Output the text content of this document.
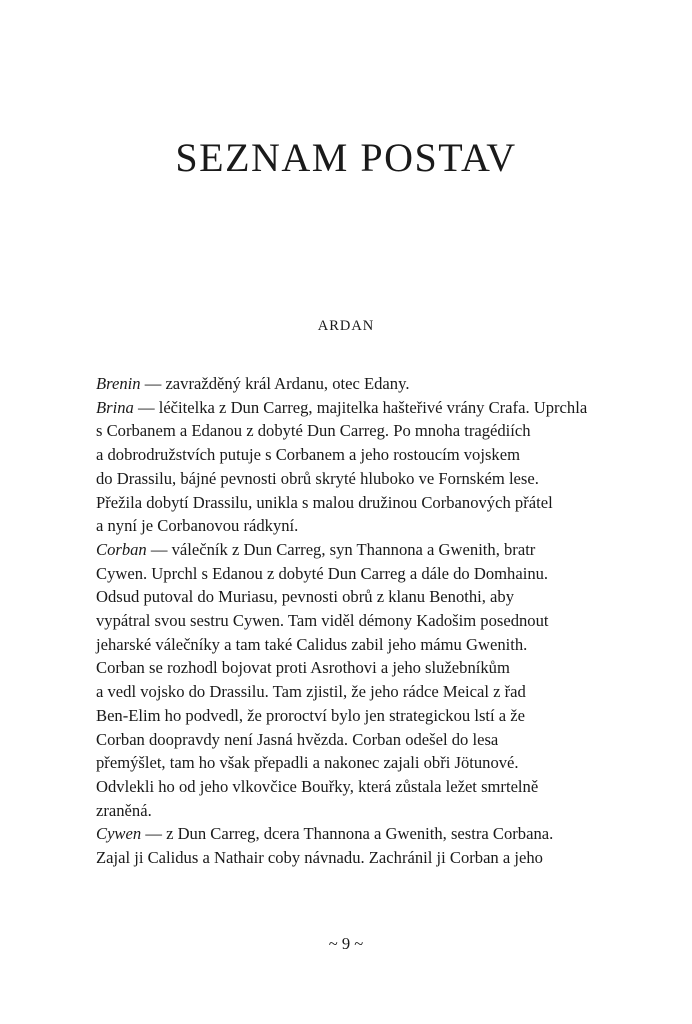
SEZNAM POSTAV
ARDAN

Brenin — zavražděný král Ardanu, otec Edany.

Brina — léčitelka z Dun Carreg, majitelka hašteřivé vrány Crafa. Uprchla
s Corbanem a Edanou z dobyté Dun Carreg. Po mnoha tragédiích
a dobrodružstvích putuje s Corbanem a jeho rostoucím vojskem
do Drassilu, bájné pevnosti obrů skryté hluboko ve Fornském lese.
Přežila dobytí Drassilu, unikla s malou družinou Corbanových přátel
a nyní je Corbanovou rádkyní.

Corban — válečník z Dun Carreg, syn Thannona a Gwenith, bratr
Cywen. Uprchl s Edanou z dobyté Dun Carreg a dále do Domhainu.
Odsud putoval do Muriasu, pevnosti obrů z klanu Benothi, aby
vypátral svou sestru Cywen. Tam viděl démony Kadošim posednout
jeharské válečníky a tam také Calidus zabil jeho mámu Gwenith.
Corban se rozhodl bojovat proti Asrothovi a jeho služebníkům
a vedl vojsko do Drassilu. Tam zjistil, že jeho rádce Meical z řad
Ben-Elim ho podvedl, že proroctví bylo jen strategickou lstí a že
Corban doopravdy není Jasná hvězda. Corban odešel do lesa
přemýšlet, tam ho však přepadli a nakonec zajali obři Jötunové.
Odvlekli ho od jeho vlkovčice Bouřky, která zůstala ležet smrtelně
zraněná.

Cywen — z Dun Carreg, dcera Thannona a Gwenith, sestra Corbana.
Zajal ji Calidus a Nathair coby návnadu. Zachránil ji Corban a jeho

~ 9 ~
